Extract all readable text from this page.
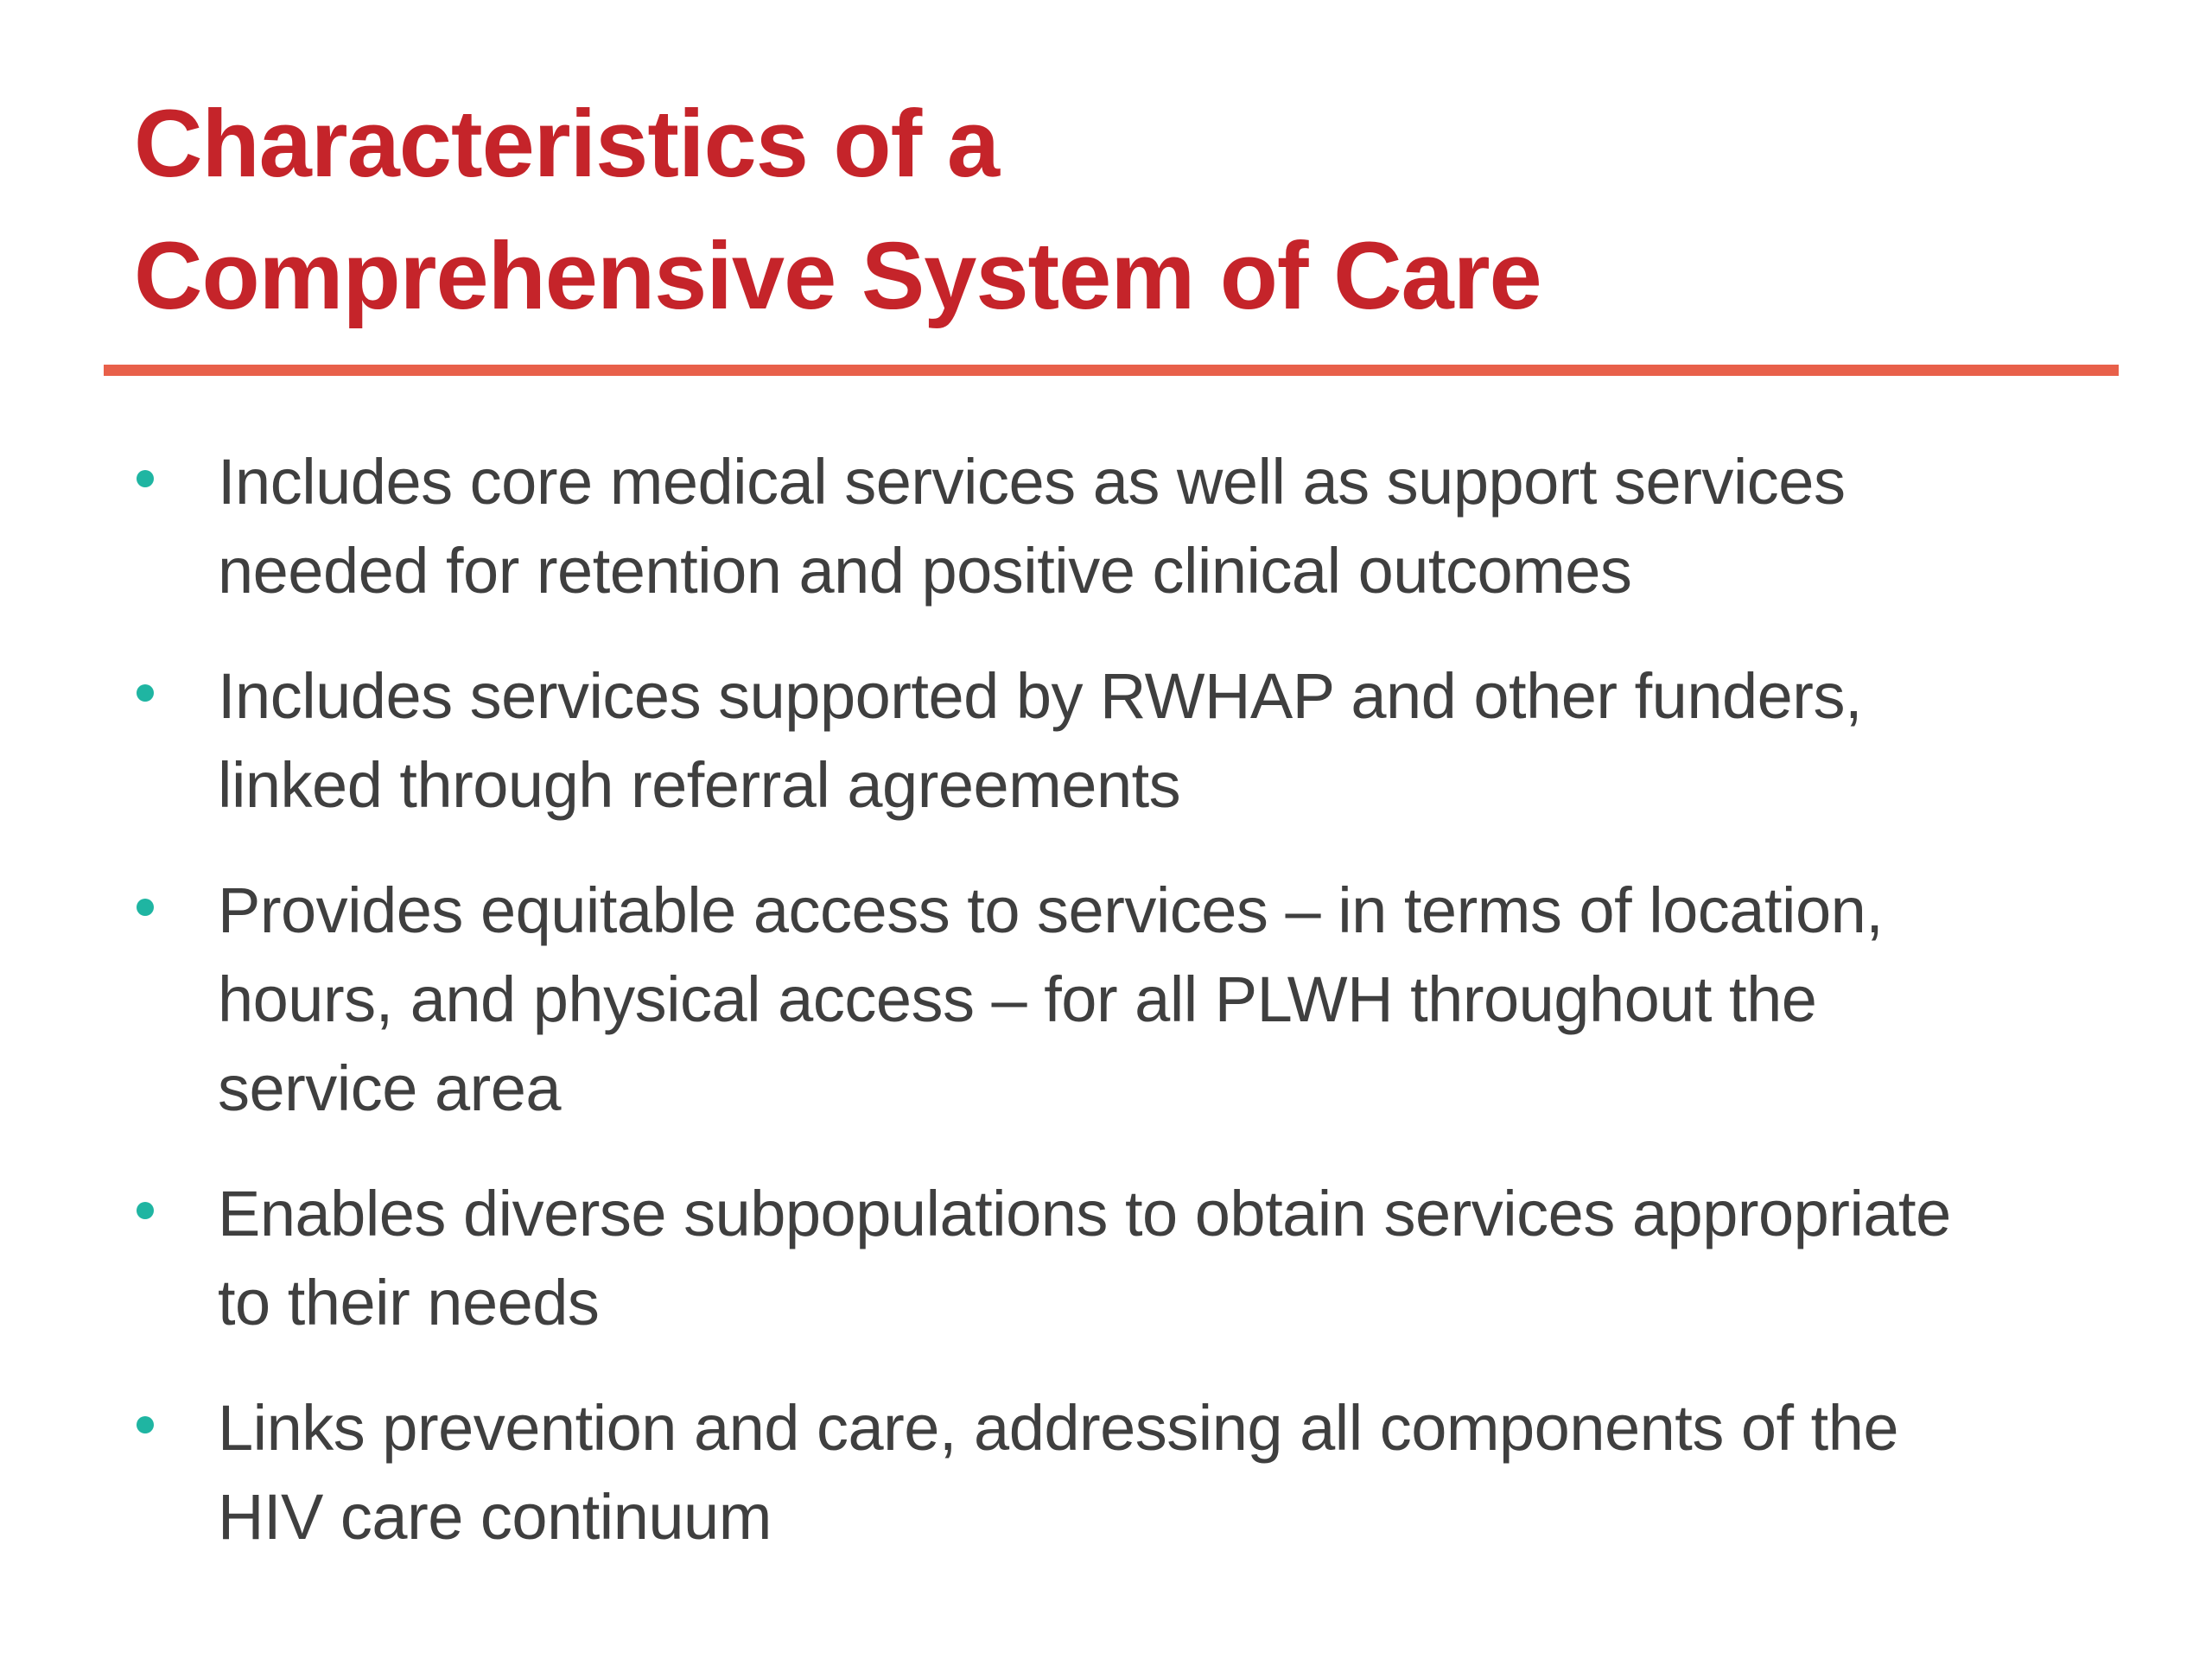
Characteristics of a
Comprehensive System of Care
Includes core medical services as well as support services
needed for retention and positive clinical outcomes
Includes services supported by RWHAP and other funders,
linked through referral agreements
Provides equitable access to services – in terms of location,
hours, and physical access – for all PLWH throughout the
service area
Enables diverse subpopulations to obtain services appropriate
to their needs
Links prevention and care, addressing all components of the
HIV care continuum
